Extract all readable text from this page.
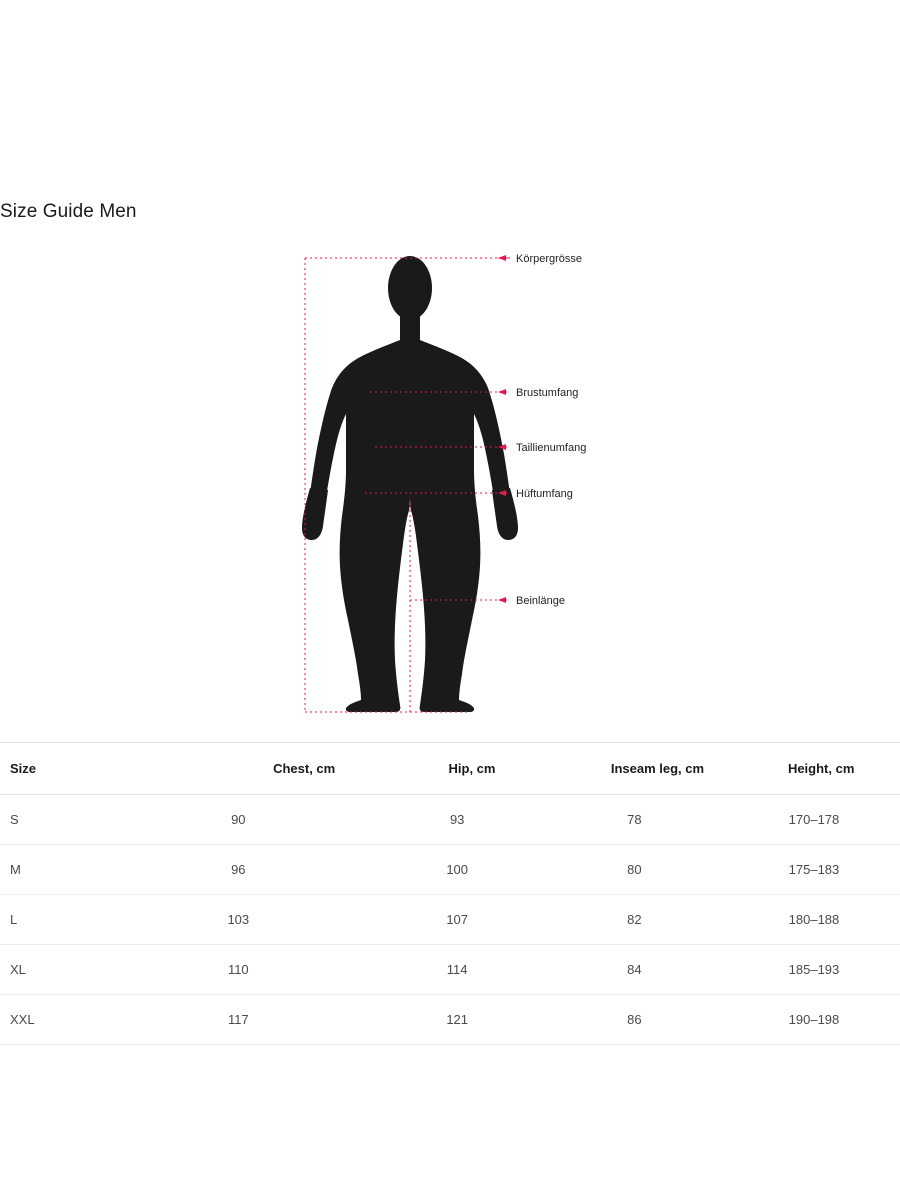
Size Guide Men
Körpergrösse
Brustumfang
Taillienumfang
Hüftumfang
Beinlänge
Size	Chest, cm	Hip, cm	Inseam leg, cm	Height, cm
S	90	93	78	170–178
M	96	100	80	175–183
L	103	107	82	180–188
XL	110	114	84	185–193
XXL	117	121	86	190–198
